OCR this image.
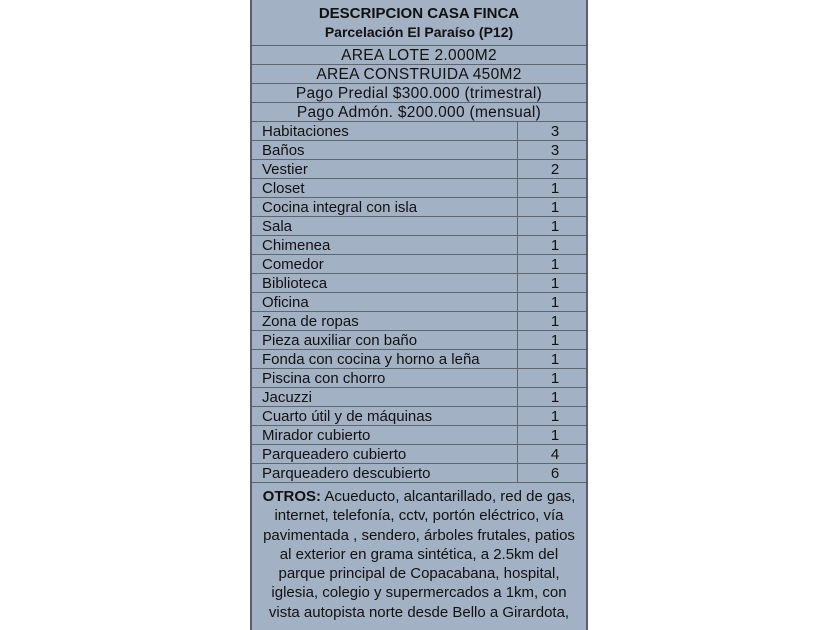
DESCRIPCION CASA FINCA
Parcelación El Paraíso (P12)
AREA LOTE 2.000M2
AREA CONSTRUIDA 450M2
Pago Predial $300.000 (trimestral)
Pago Admón. $200.000 (mensual)
Habitaciones	3
Baños	3
Vestier	2
Closet	1
Cocina integral con isla	1
Sala	1
Chimenea	1
Comedor	1
Biblioteca	1
Oficina	1
Zona de ropas	1
Pieza auxiliar con baño	1
Fonda con cocina y horno a leña	1
Piscina con chorro	1
Jacuzzi	1
Cuarto útil y de máquinas	1
Mirador cubierto	1
Parqueadero cubierto	4
Parqueadero descubierto	6
OTROS: Acueducto, alcantarillado, red de gas, internet, telefonía, cctv, portón eléctrico, vía pavimentada , sendero, árboles frutales, patios al exterior en grama sintética, a 2.5km del parque principal de Copacabana, hospital, iglesia, colegio y supermercados a 1km, con vista autopista norte desde Bello a Girardota,
